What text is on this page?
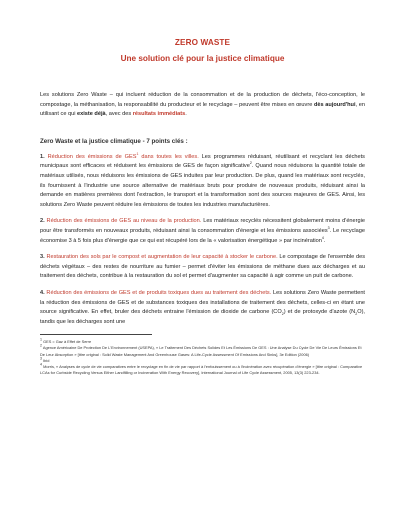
ZERO WASTE
Une solution clé pour la justice climatique

Les solutions Zero Waste – qui incluent réduction de la consommation et de la production de déchets, l'éco-conception, le compostage, la méthanisation, la responsabilité du producteur et le recyclage – peuvent être mises en œuvre dès aujourd'hui, en utilisant ce qui existe déjà, avec des résultats immédiats.

Zero Waste et la justice climatique - 7 points clés :

1. Réduction des émissions de GES$^1$ dans toutes les villes. Les programmes réduisant, réutilisant et recyclant les déchets municipaux sont efficaces et réduisent les émissions de GES de façon significative$^2$. Quand nous réduisons la quantité totale de matériaux utilisés, nous réduisons les émissions de GES induites par leur production. De plus, quand les matériaux sont recyclés, ils fournissent à l'industrie une source alternative de matériaux bruts pour produire de nouveaux produits, réduisant ainsi la demande en matières premières dont l'extraction, le transport et la transformation sont des sources majeures de GES. Ainsi, les solutions Zero Waste peuvent réduire les émissions de toutes les industries manufacturières.

2. Réduction des émissions de GES au niveau de la production. Les matériaux recyclés nécessitent globalement moins d'énergie pour être transformés en nouveaux produits, réduisant ainsi la consommation d'énergie et les émissions associées$^3$. Le recyclage économise 3 à 5 fois plus d'énergie que ce qui est récupéré lors de la « valorisation énergétique » par incinération$^4$.

3. Restauration des sols par le compost et augmentation de leur capacité à stocker le carbone. Le compostage de l'ensemble des déchets végétaux – des restes de nourriture au fumier – permet d'éviter les émissions de méthane dues aux décharges et au traitement des déchets, contribue à la restauration du sol et permet d'augmenter sa capacité à agir comme un puit de carbone.

4. Réduction des émissions de GES et de produits toxiques dues au traitement des déchets. Les solutions Zero Waste permettent la réduction des émissions de GES et de substances toxiques des installations de traitement des déchets, celles-ci en étant une source significative. En effet, bruler des déchets entraine l'émission de dioxide de carbone $(CO_2)$ et de protoxyde d'azote $(N_2O)$, tandis que les décharges sont une

$^1$ GES = Gaz à Effet de Serre

$^2$ Agence Américaine De Protection De L'Environnement (USEPA), « Le Traitement Des Déchets Solides Et Les Émissions De GES : Une Analyse Du Cycle De Vie De Leurs Émissions Et De Leur Absorption » [titre original : Solid Waste Management And Greenhouse Gases: A Life-Cycle Assessment Of Emissions And Sinks], 3e Edition (2006)

$^3$ Ibid

$^4$ Morris, « Analyses de cycle de vie comparatives entre le recyclage en fin de vie par rapport à l'enfouissement ou à l'incinération avec récupération d'énergie » [titre original : Comparative LCAs for Curbside Recycling Versus Either Landfilling or Incineration With Energy Recovery], International Journal of Life Cycle Assessment, 2005, 13(3) 223-234.
